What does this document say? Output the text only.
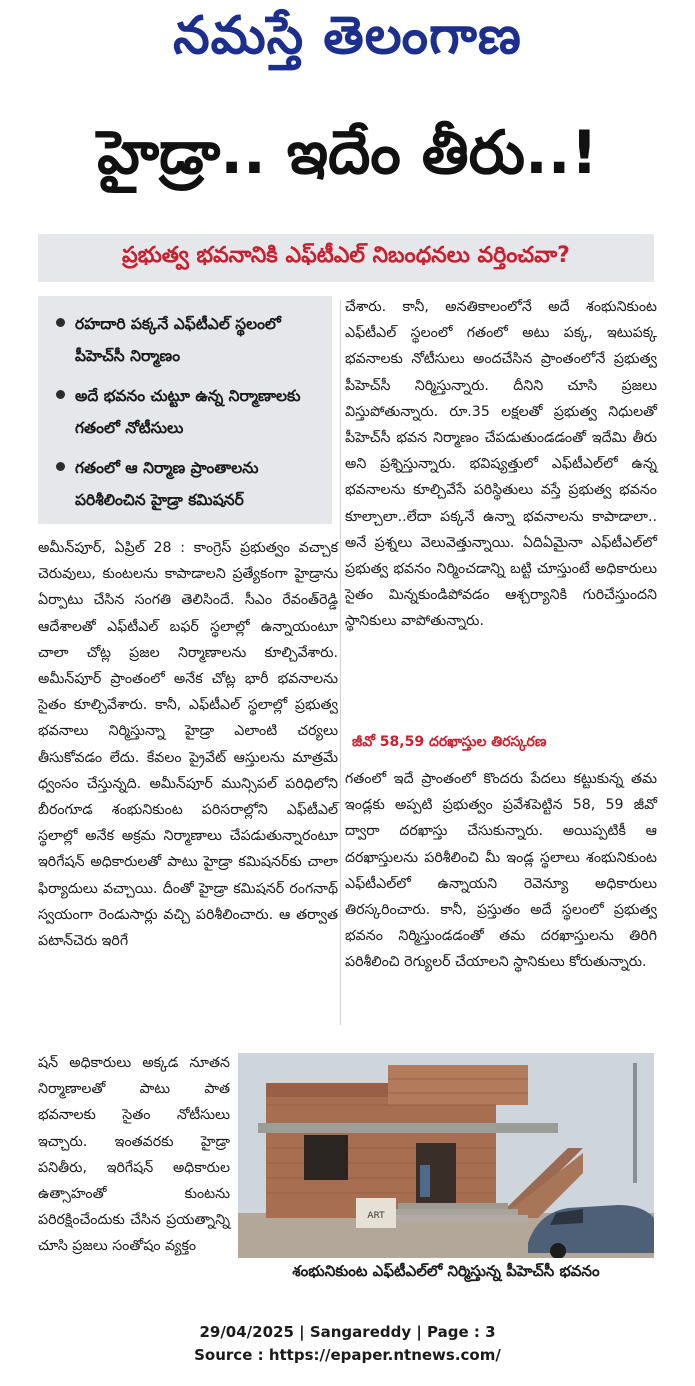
నమస్తే తెలంగాణ
హైడ్రా.. ఇదేం తీరు..!
ప్రభుత్వ భవనానికి ఎఫ్‌టీఎల్ నిబంధనలు వర్తించవా?
రహదారి పక్కనే ఎఫ్‌టీఎల్ స్థలంలో పీహెచ్‌సీ నిర్మాణం
అదే భవనం చుట్టూ ఉన్న నిర్మాణాలకు గతంలో నోటీసులు
గతంలో ఆ నిర్మాణ ప్రాంతాలను పరిశీలించిన హైడ్రా కమిషనర్
అమీన్‌పూర్, ఏప్రిల్ 28 : కాంగ్రెస్ ప్రభుత్వం వచ్చాక చెరువులు, కుంటలను కాపాడాలని ప్రత్యేకంగా హైడ్రాను ఏర్పాటు చేసిన సంగతి తెలిసిందే. సీఎం రేవంత్‌రెడ్డి ఆదేశాలతో ఎఫ్‌టీఎల్ బఫర్ స్థలాల్లో ఉన్నాయంటూ చాలా చోట్ల ప్రజల నిర్మాణాలను కూల్చివేశారు. అమీన్‌పూర్ ప్రాంతంలో అనేక చోట్ల భారీ భవనాలను సైతం కూల్చివేశారు. కానీ, ఎఫ్‌టీఎల్ స్థలాల్లో ప్రభుత్వ భవనాలు నిర్మిస్తున్నా హైడ్రా ఎలాంటి చర్యలు తీసుకోవడం లేదు. కేవలం ప్రైవేట్ ఆస్తులను మాత్రమే ధ్వంసం చేస్తున్నది. అమీన్‌పూర్ మున్సిపల్ పరిధిలోని బీరంగూడ శంభునికుంట పరిసరాల్లోని ఎఫ్‌టీఎల్ స్థలాల్లో అనేక అక్రమ నిర్మాణాలు చేపడుతున్నారంటూ ఇరిగేషన్ అధికారులతో పాటు హైడ్రా కమిషనర్‌కు చాలా ఫిర్యాదులు వచ్చాయి. దీంతో హైడ్రా కమిషనర్ రంగనాథ్ స్వయంగా రెండుసార్లు వచ్చి పరిశీలించారు. ఆ తర్వాత పటాన్‌చెరు ఇరిగే
షన్ అధికారులు అక్కడ నూతన నిర్మాణాలతో పాటు పాత భవనాలకు సైతం నోటీసులు ఇచ్చారు. ఇంతవరకు హైడ్రా పనితీరు, ఇరిగేషన్ అధికారుల ఉత్సాహంతో కుంటను పరిరక్షించేందుకు చేసిన ప్రయత్నాన్ని చూసి ప్రజలు సంతోషం వ్యక్తం
చేశారు. కానీ, అనతికాలంలోనే అదే శంభునికుంట ఎఫ్‌టీఎల్ స్థలంలో గతంలో అటు పక్క, ఇటుపక్క భవనాలకు నోటీసులు అందచేసిన ప్రాంతంలోనే ప్రభుత్వ పీహెచ్‌సీ నిర్మిస్తున్నారు. దీనిని చూసి ప్రజలు విస్తుపోతున్నారు. రూ.35 లక్షలతో ప్రభుత్వ నిధులతో పీహెచ్‌సీ భవన నిర్మాణం చేపడుతుండడంతో ఇదేమి తీరు అని ప్రశ్నిస్తున్నారు. భవిష్యత్తులో ఎఫ్‌టీఎల్‌లో ఉన్న భవనాలను కూల్చివేసే పరిస్థితులు వస్తే ప్రభుత్వ భవనం కూల్చాలా..లేదా పక్కనే ఉన్నా భవనాలను కాపాడాలా.. అనే ప్రశ్నలు వెలువెత్తున్నాయి. ఏదిఏమైనా ఎఫ్‌టీఎల్‌లో ప్రభుత్వ భవనం నిర్మించడాన్ని బట్టి చూస్తుంటే అధికారులు సైతం మిన్నకుండిపోవడం ఆశ్చర్యానికి గురిచేస్తుందని స్థానికులు వాపోతున్నారు.
జీవో 58,59 దరఖాస్తుల తిరస్కరణ
గతంలో ఇదే ప్రాంతంలో కొందరు పేదలు కట్టుకున్న తమ ఇండ్లకు అప్పటి ప్రభుత్వం ప్రవేశపెట్టిన 58, 59 జీవో ద్వారా దరఖాస్తు చేసుకున్నారు. అయిప్పటికీ ఆ దరఖాస్తులను పరిశీలించి మీ ఇండ్ల స్థలాలు శంభునికుంట ఎఫ్‌టీఎల్‌లో ఉన్నాయని రెవెన్యూ అధికారులు తిరస్కరించారు. కానీ, ప్రస్తుతం అదే స్థలంలో ప్రభుత్వ భవనం నిర్మిస్తుండడంతో తమ దరఖాస్తులను తిరిగి పరిశీలించి రెగ్యులర్ చేయాలని స్థానికులు కోరుతున్నారు.
ART
శంభునికుంట ఎఫ్‌టీఎల్‌లో నిర్మిస్తున్న పీహెచ్‌సీ భవనం
29/04/2025 | Sangareddy | Page : 3
Source : https://epaper.ntnews.com/
